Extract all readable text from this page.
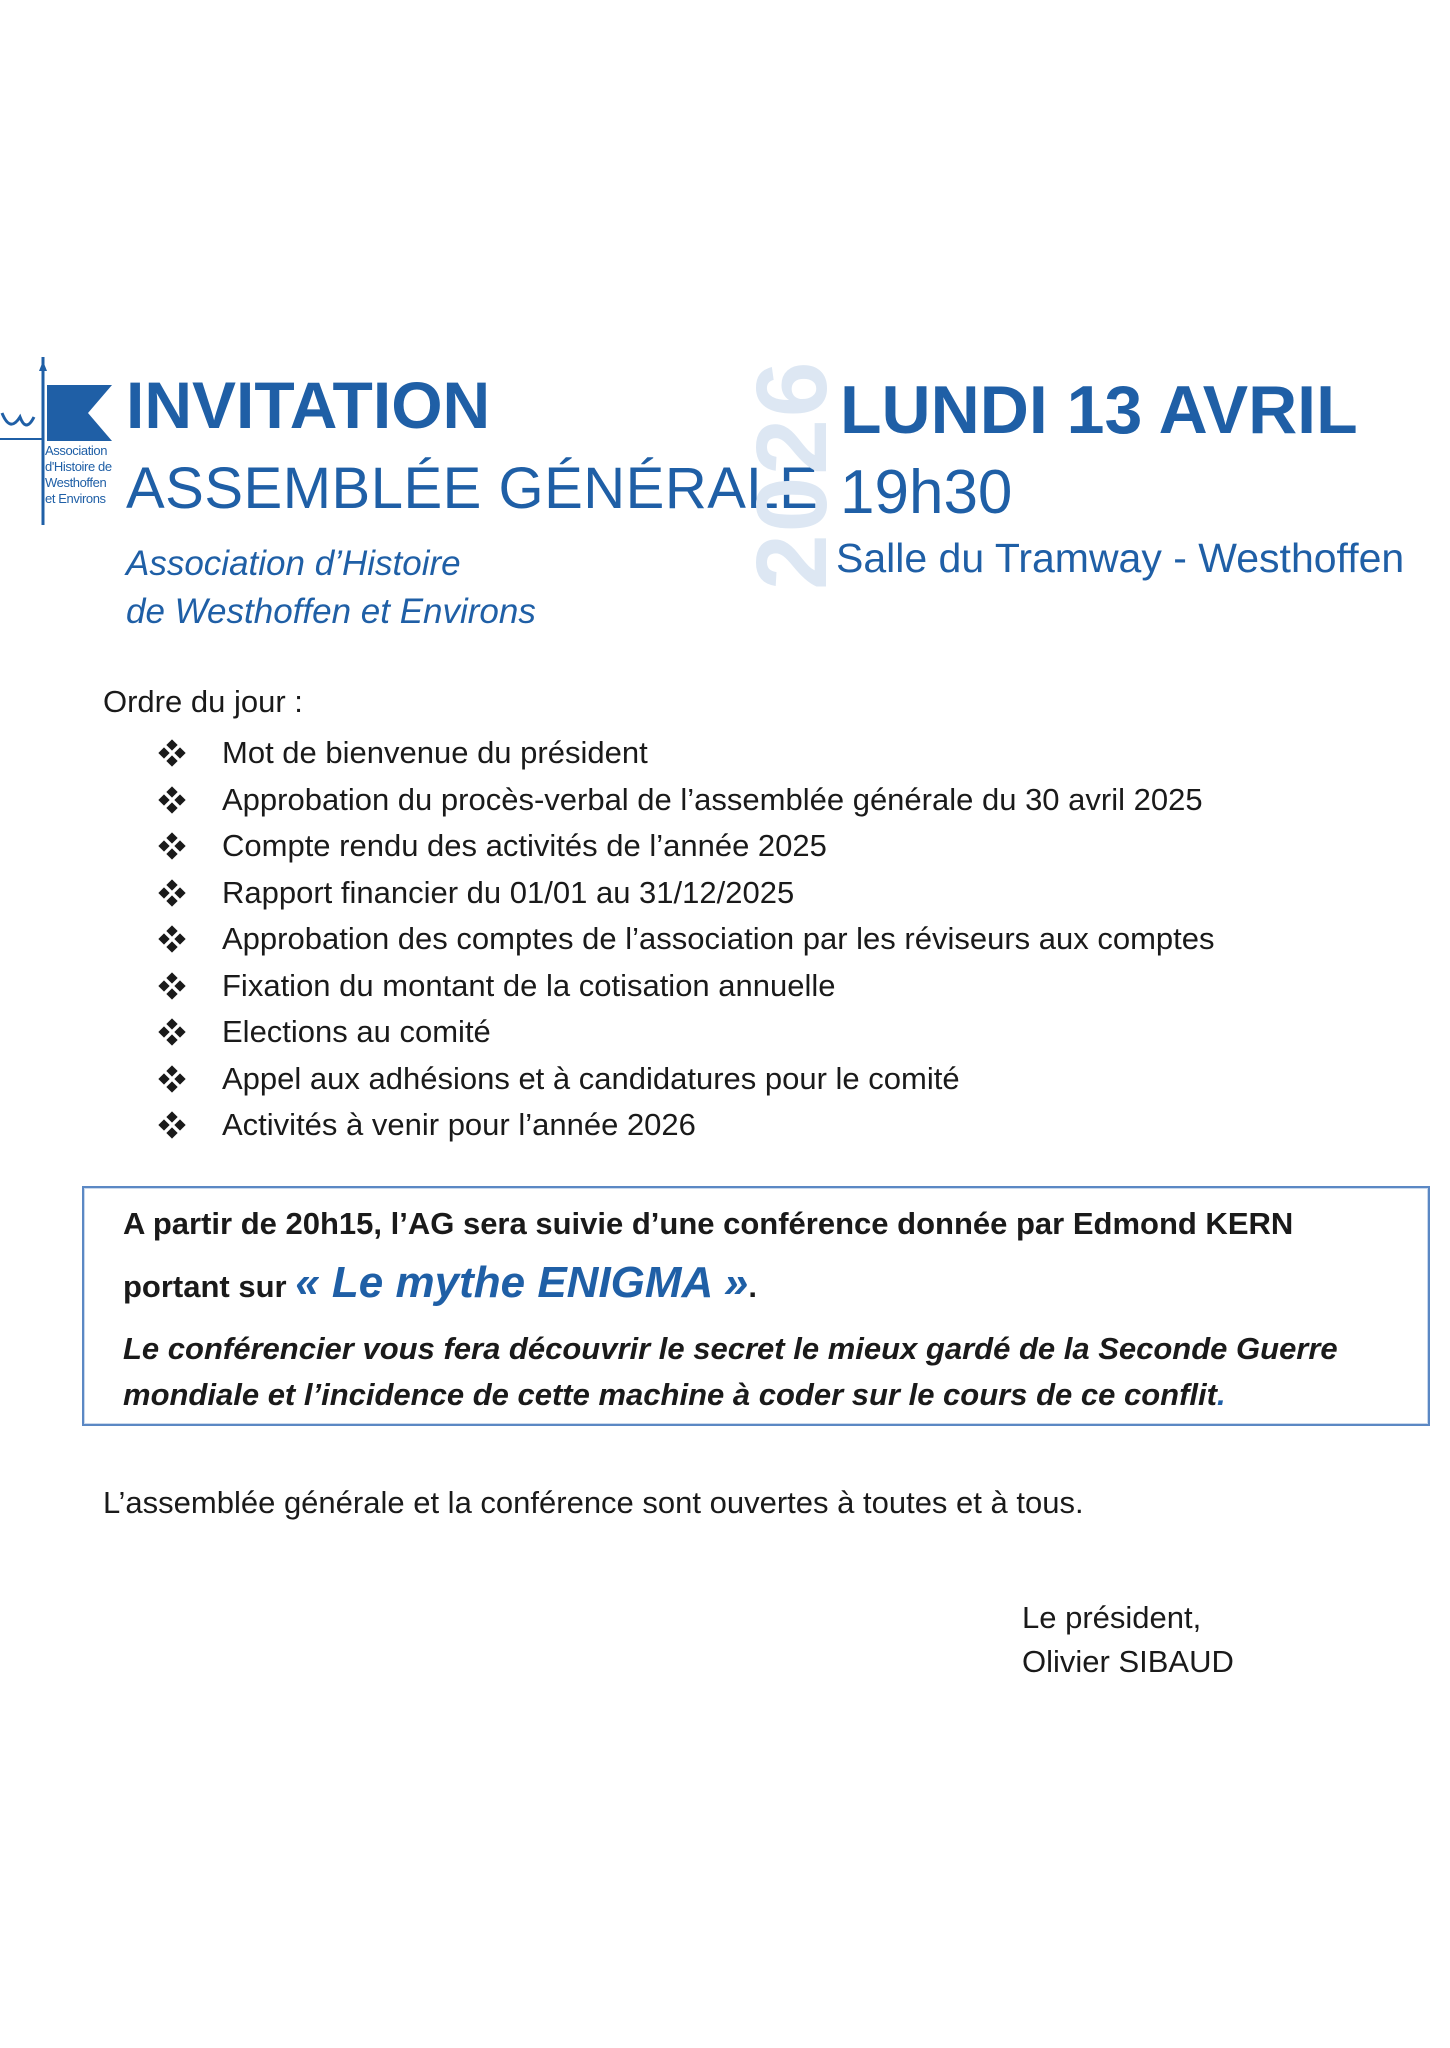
Association
d'Histoire de
Westhoffen
et Environs
INVITATION
ASSEMBLÉE GÉNÉRALE
Association d’Histoire
de Westhoffen et Environs
2026
LUNDI 13 AVRIL
19h30
Salle du Tramway - Westhoffen
Ordre du jour :
Mot de bienvenue du président
Approbation du procès-verbal de l’assemblée générale du 30 avril 2025
Compte rendu des activités de l’année 2025
Rapport financier du 01/01 au 31/12/2025
Approbation des comptes de l’association par les réviseurs aux comptes
Fixation du montant de la cotisation annuelle
Elections au comité
Appel aux adhésions et à candidatures pour le comité
Activités à venir pour l’année 2026
A partir de 20h15, l’AG sera suivie d’une conférence donnée par Edmond KERN
portant sur « Le mythe ENIGMA ».
Le conférencier vous fera découvrir le secret le mieux gardé de la Seconde Guerre mondiale et l’incidence de cette machine à coder sur le cours de ce conflit.
L’assemblée générale et la conférence sont ouvertes à toutes et à tous.
Le président,
Olivier SIBAUD
